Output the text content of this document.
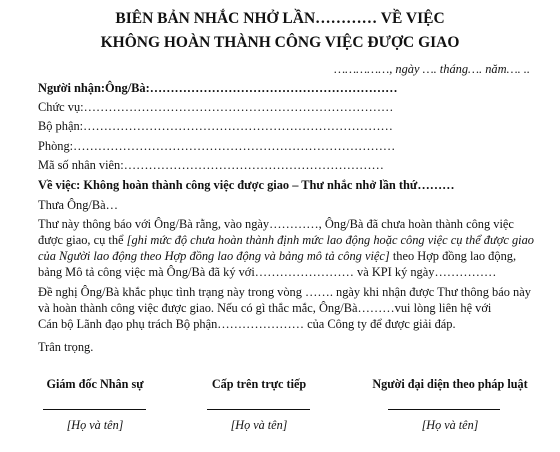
BIÊN BẢN NHẮC NHỞ LẦN………… VỀ VIỆC
KHÔNG HOÀN THÀNH CÔNG VIỆC ĐƯỢC GIAO
……………, ngày …. tháng…. năm…. ..
Người nhận:Ông/Bà:……………………………………………………
Chức vụ:…………………………………………………………………
Bộ phận:…………………………………………………………………
Phòng:……………………………………………………………………
Mã số nhân viên:………………………………………………………
Về việc: Không hoàn thành công việc được giao – Thư nhắc nhở lần thứ………
Thưa Ông/Bà…
Thư này thông báo với Ông/Bà rằng, vào ngày…………, Ông/Bà đã chưa hoàn thành công việc
được giao, cụ thể [ghi mức độ chưa hoàn thành định mức lao động hoặc công việc cụ thể được giao
của Người lao động theo Hợp đồng lao động và bảng mô tả công việc] theo Hợp đồng lao động,
bảng Mô tả công việc mà Ông/Bà đã ký với…………………… và KPI ký ngày……………
Đề nghị Ông/Bà khắc phục tình trạng này trong vòng ……. ngày khi nhận được Thư thông báo này
và hoàn thành công việc được giao. Nếu có gì thắc mắc, Ông/Bà………vui lòng liên hệ với
Cán bộ Lãnh đạo phụ trách Bộ phận………………… của Công ty để được giải đáp.
Trân trọng.
Giám đốc Nhân sự
[Họ và tên]
Cấp trên trực tiếp
[Họ và tên]
Người đại diện theo pháp luật
[Họ và tên]
